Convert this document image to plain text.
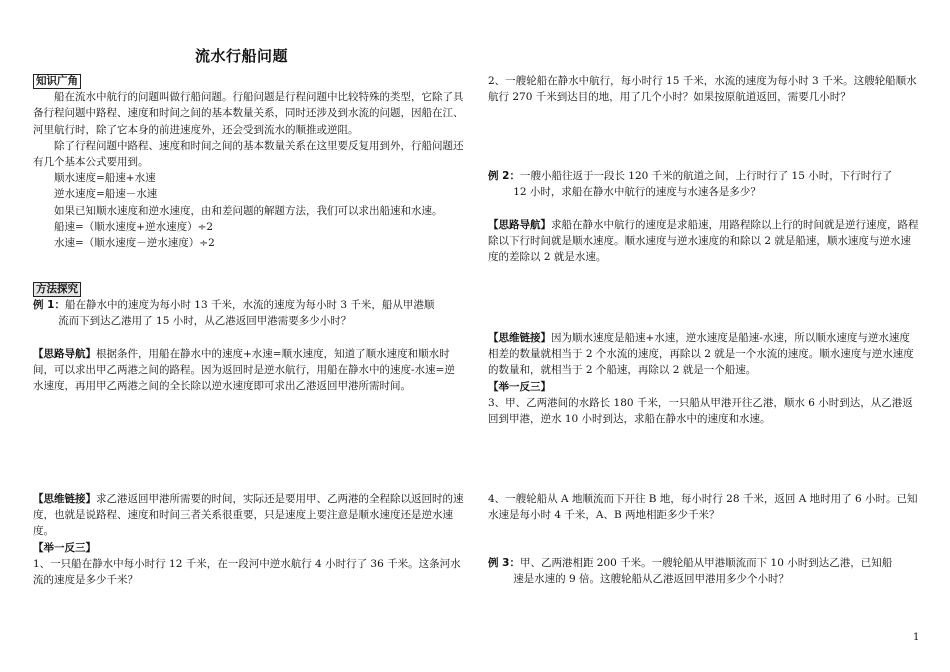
流水行船问题
知识广角

船在流水中航行的问题叫做行船问题。行船问题是行程问题中比较特殊的类型，它除了具备行程问题中路程、速度和时间之间的基本数量关系，同时还涉及到水流的问题，因船在江、河里航行时，除了它本身的前进速度外，还会受到流水的顺推或逆阻。

除了行程问题中路程、速度和时间之间的基本数量关系在这里要反复用到外，行船问题还有几个基本公式要用到。

顺水速度=船速+水速

逆水速度=船速－水速

如果已知顺水速度和逆水速度，由和差问题的解题方法，我们可以求出船速和水速。

船速=（顺水速度+逆水速度）÷2

水速=（顺水速度－逆水速度）÷2

方法探究

例 1：船在静水中的速度为每小时 13 千米，水流的速度为每小时 3 千米，船从甲港顺

流而下到达乙港用了 15 小时，从乙港返回甲港需要多少小时？

【思路导航】根据条件，用船在静水中的速度+水速=顺水速度，知道了顺水速度和顺水时间，可以求出甲乙两港之间的路程。因为返回时是逆水航行，用船在静水中的速度-水速=逆水速度，再用甲乙两港之间的全长除以逆水速度即可求出乙港返回甲港所需时间。

【思维链接】求乙港返回甲港所需要的时间，实际还是要用甲、乙两港的全程除以返回时的速度，也就是说路程、速度和时间三者关系很重要，只是速度上要注意是顺水速度还是逆水速度。

【举一反三】

1、一只船在静水中每小时行 12 千米，在一段河中逆水航行 4 小时行了 36 千米。这条河水流的速度是多少千米？

2、一艘轮船在静水中航行，每小时行 15 千米，水流的速度为每小时 3 千米。这艘轮船顺水航行 270 千米到达目的地，用了几个小时？如果按原航道返回，需要几小时？

例 2：一艘小船往返于一段长 120 千米的航道之间，上行时行了 15 小时，下行时行了

12 小时，求船在静水中航行的速度与水速各是多少？

【思路导航】求船在静水中航行的速度是求船速，用路程除以上行的时间就是逆行速度，路程除以下行时间就是顺水速度。顺水速度与逆水速度的和除以 2 就是船速，顺水速度与逆水速度的差除以 2 就是水速。

【思维链接】因为顺水速度是船速+水速，逆水速度是船速-水速，所以顺水速度与逆水速度相差的数量就相当于 2 个水流的速度，再除以 2 就是一个水流的速度。顺水速度与逆水速度的数量和，就相当于 2 个船速，再除以 2 就是一个船速。

【举一反三】

3、甲、乙两港间的水路长 180 千米，一只船从甲港开往乙港，顺水 6 小时到达，从乙港返回到甲港，逆水 10 小时到达，求船在静水中的速度和水速。

4、一艘轮船从 A 地顺流而下开往 B 地，每小时行 28 千米，返回 A 地时用了 6 小时。已知水速是每小时 4 千米，A、B 两地相距多少千米？

例 3：甲、乙两港相距 200 千米。一艘轮船从甲港顺流而下 10 小时到达乙港，已知船

速是水速的 9 倍。这艘轮船从乙港返回甲港用多少个小时？

1
